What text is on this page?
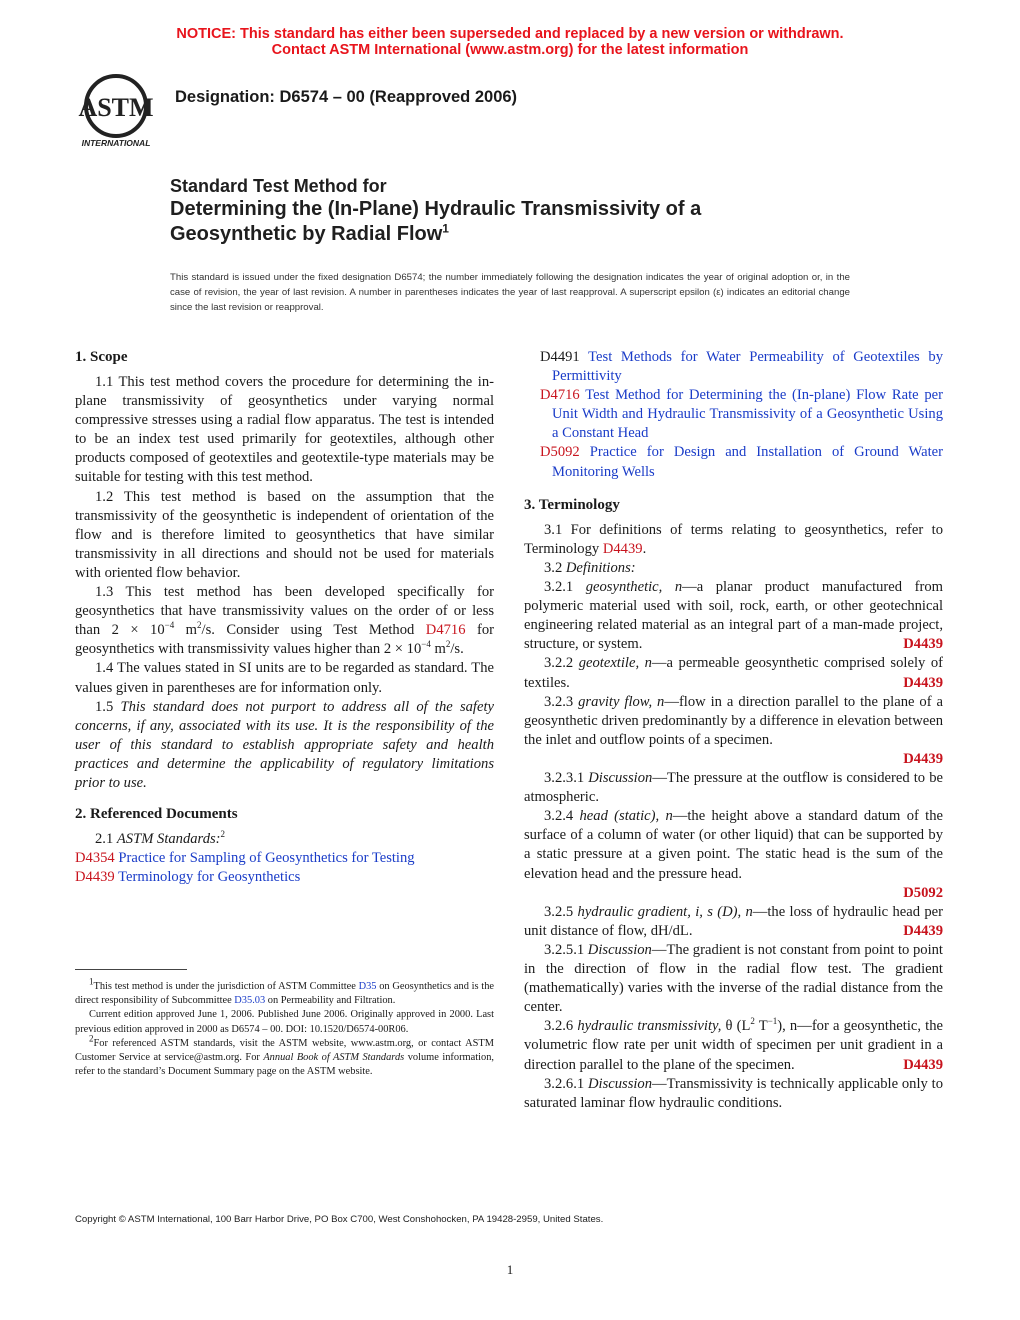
NOTICE: This standard has either been superseded and replaced by a new version or withdrawn.
Contact ASTM International (www.astm.org) for the latest information
ASTM
INTERNATIONAL
Designation: D6574 – 00 (Reapproved 2006)
Standard Test Method for
Determining the (In-Plane) Hydraulic Transmissivity of a
Geosynthetic by Radial Flow$^1$
This standard is issued under the fixed designation D6574; the number immediately following the designation indicates the year of original adoption or, in the case of revision, the year of last revision. A number in parentheses indicates the year of last reapproval. A superscript epsilon (ε) indicates an editorial change since the last revision or reapproval.
1. Scope

1.1 This test method covers the procedure for determining the in-plane transmissivity of geosynthetics under varying normal compressive stresses using a radial flow apparatus. The test is intended to be an index test used primarily for geotextiles, although other products composed of geotextiles and geotextile-type materials may be suitable for testing with this test method.

1.2 This test method is based on the assumption that the transmissivity of the geosynthetic is independent of orientation of the flow and is therefore limited to geosynthetics that have similar transmissivity in all directions and should not be used for materials with oriented flow behavior.

1.3 This test method has been developed specifically for geosynthetics that have transmissivity values on the order of or less than $2 \times 10^{-4}$ $m^2/s$. Consider using Test Method D4716 for geosynthetics with transmissivity values higher than $2 \times 10^{-4}$ $m^2/s$.

1.4 The values stated in SI units are to be regarded as standard. The values given in parentheses are for information only.

1.5 This standard does not purport to address all of the safety concerns, if any, associated with its use. It is the responsibility of the user of this standard to establish appropriate safety and health practices and determine the applicability of regulatory limitations prior to use.

2. Referenced Documents

2.1 ASTM Standards:$^2$

D4354 Practice for Sampling of Geosynthetics for Testing

D4439 Terminology for Geosynthetics

D4491 Test Methods for Water Permeability of Geotextiles by Permittivity

D4716 Test Method for Determining the (In-plane) Flow Rate per Unit Width and Hydraulic Transmissivity of a Geosynthetic Using a Constant Head

D5092 Practice for Design and Installation of Ground Water Monitoring Wells

3. Terminology

3.1 For definitions of terms relating to geosynthetics, refer to Terminology D4439.

3.2 Definitions:

3.2.1 geosynthetic, n—a planar product manufactured from polymeric material used with soil, rock, earth, or other geotechnical engineering related material as an integral part of a man-made project, structure, or system.	D4439

3.2.2 geotextile, n—a permeable geosynthetic comprised solely of textiles.	D4439

3.2.3 gravity flow, n—flow in a direction parallel to the plane of a geosynthetic driven predominantly by a difference in elevation between the inlet and outflow points of a specimen.

D4439

3.2.3.1 Discussion—The pressure at the outflow is considered to be atmospheric.

3.2.4 head (static), n—the height above a standard datum of the surface of a column of water (or other liquid) that can be supported by a static pressure at a given point. The static head is the sum of the elevation head and the pressure head.

D5092

3.2.5 hydraulic gradient, i, s (D), n—the loss of hydraulic head per unit distance of flow, dH/dL.	D4439

3.2.5.1 Discussion—The gradient is not constant from point to point in the direction of flow in the radial flow test. The gradient (mathematically) varies with the inverse of the radial distance from the center.

3.2.6 hydraulic transmissivity, θ ($L^2$ $T^{-1}$), n—for a geosynthetic, the volumetric flow rate per unit width of specimen per unit gradient in a direction parallel to the plane of the specimen.	D4439

3.2.6.1 Discussion—Transmissivity is technically applicable only to saturated laminar flow hydraulic conditions.

$^1$This test method is under the jurisdiction of ASTM Committee D35 on Geosynthetics and is the direct responsibility of Subcommittee D35.03 on Permeability and Filtration.

Current edition approved June 1, 2006. Published June 2006. Originally approved in 2000. Last previous edition approved in 2000 as D6574 – 00. DOI: 10.1520/D6574-00R06.

$^2$For referenced ASTM standards, visit the ASTM website, www.astm.org, or contact ASTM Customer Service at service@astm.org. For Annual Book of ASTM Standards volume information, refer to the standard’s Document Summary page on the ASTM website.

Copyright © ASTM International, 100 Barr Harbor Drive, PO Box C700, West Conshohocken, PA 19428-2959, United States.
1
